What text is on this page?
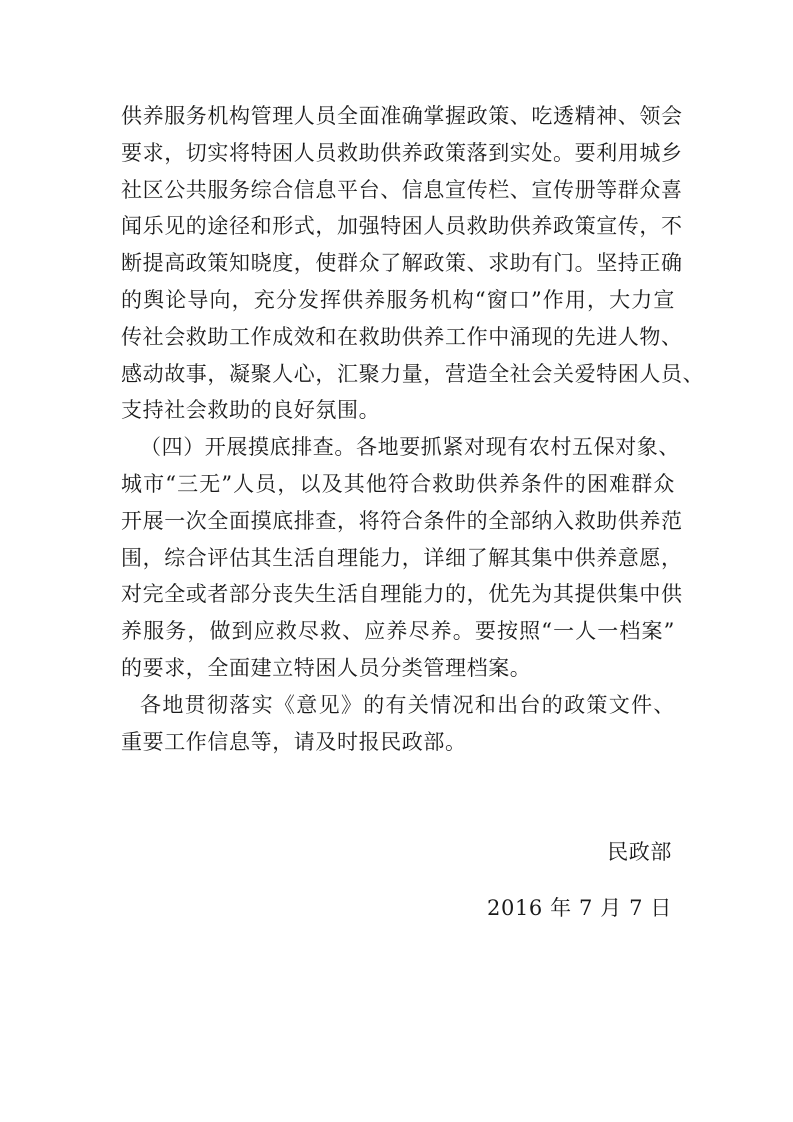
供养服务机构管理人员全面准确掌握政策、吃透精神、领会
要求，切实将特困人员救助供养政策落到实处。要利用城乡
社区公共服务综合信息平台、信息宣传栏、宣传册等群众喜
闻乐见的途径和形式，加强特困人员救助供养政策宣传，不
断提高政策知晓度，使群众了解政策、求助有门。坚持正确
的舆论导向，充分发挥供养服务机构“窗口”作用，大力宣
传社会救助工作成效和在救助供养工作中涌现的先进人物、
感动故事，凝聚人心，汇聚力量，营造全社会关爱特困人员、
支持社会救助的良好氛围。
（四）开展摸底排查。各地要抓紧对现有农村五保对象、
城市“三无”人员，以及其他符合救助供养条件的困难群众
开展一次全面摸底排查，将符合条件的全部纳入救助供养范
围，综合评估其生活自理能力，详细了解其集中供养意愿，
对完全或者部分丧失生活自理能力的，优先为其提供集中供
养服务，做到应救尽救、应养尽养。要按照“一人一档案”
的要求，全面建立特困人员分类管理档案。
各地贯彻落实《意见》的有关情况和出台的政策文件、
重要工作信息等，请及时报民政部。
民政部
2016 年 7 月 7 日
